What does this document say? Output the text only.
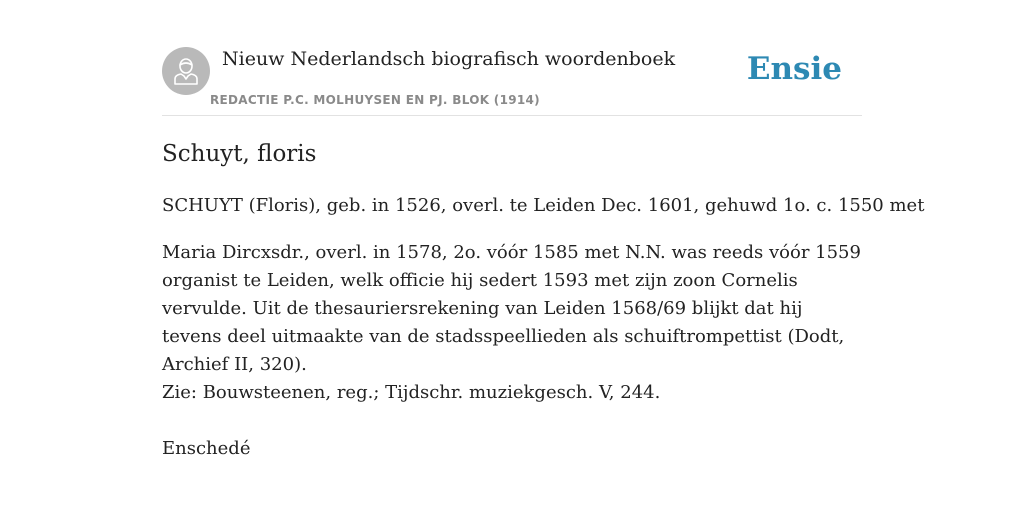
Nieuw Nederlandsch biografisch woordenboek
REDACTIE P.C. MOLHUYSEN EN PJ. BLOK (1914)
Ensie
Schuyt, floris

SCHUYT (Floris), geb. in 1526, overl. te Leiden Dec. 1601, gehuwd 1o. c. 1550 met

Maria Dircxsdr., overl. in 1578, 2o. vóór 1585 met N.N. was reeds vóór 1559 organist te Leiden, welk officie hij sedert 1593 met zijn zoon Cornelis vervulde. Uit de thesauriersrekening van Leiden 1568/69 blijkt dat hij tevens deel uitmaakte van de stadsspeellieden als schuiftrompettist (Dodt, Archief II, 320).

Zie: Bouwsteenen, reg.; Tijdschr. muziekgesch. V, 244.

Enschedé
